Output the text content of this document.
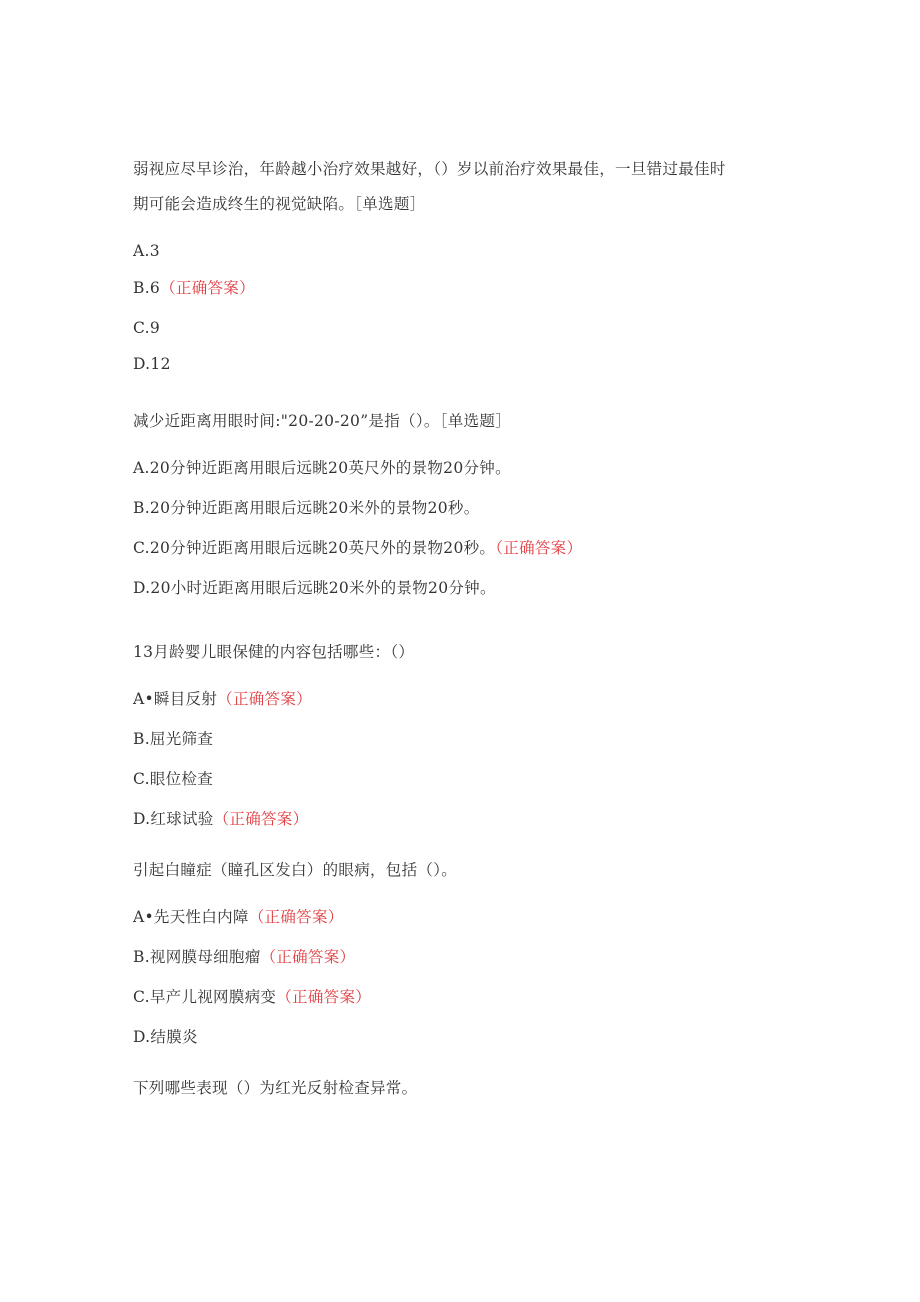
弱视应尽早诊治，年龄越小治疗效果越好，（）岁以前治疗效果最佳，一旦错过最佳时
期可能会造成终生的视觉缺陷。［单选题］
A.3
B.6（正确答案）
C.9
D.12
减少近距离用眼时间:"20-20-20”是指（）。［单选题］
A.20分钟近距离用眼后远眺20英尺外的景物20分钟。
B.20分钟近距离用眼后远眺20米外的景物20秒。
C.20分钟近距离用眼后远眺20英尺外的景物20秒。（正确答案）
D.20小时近距离用眼后远眺20米外的景物20分钟。
13月龄婴儿眼保健的内容包括哪些：（）
A•瞬目反射（正确答案）
B.屈光筛查
C.眼位检查
D.红球试验（正确答案）
引起白瞳症（瞳孔区发白）的眼病，包括（）。
A•先天性白内障（正确答案）
B.视网膜母细胞瘤（正确答案）
C.早产儿视网膜病变（正确答案）
D.结膜炎
下列哪些表现（）为红光反射检查异常。
